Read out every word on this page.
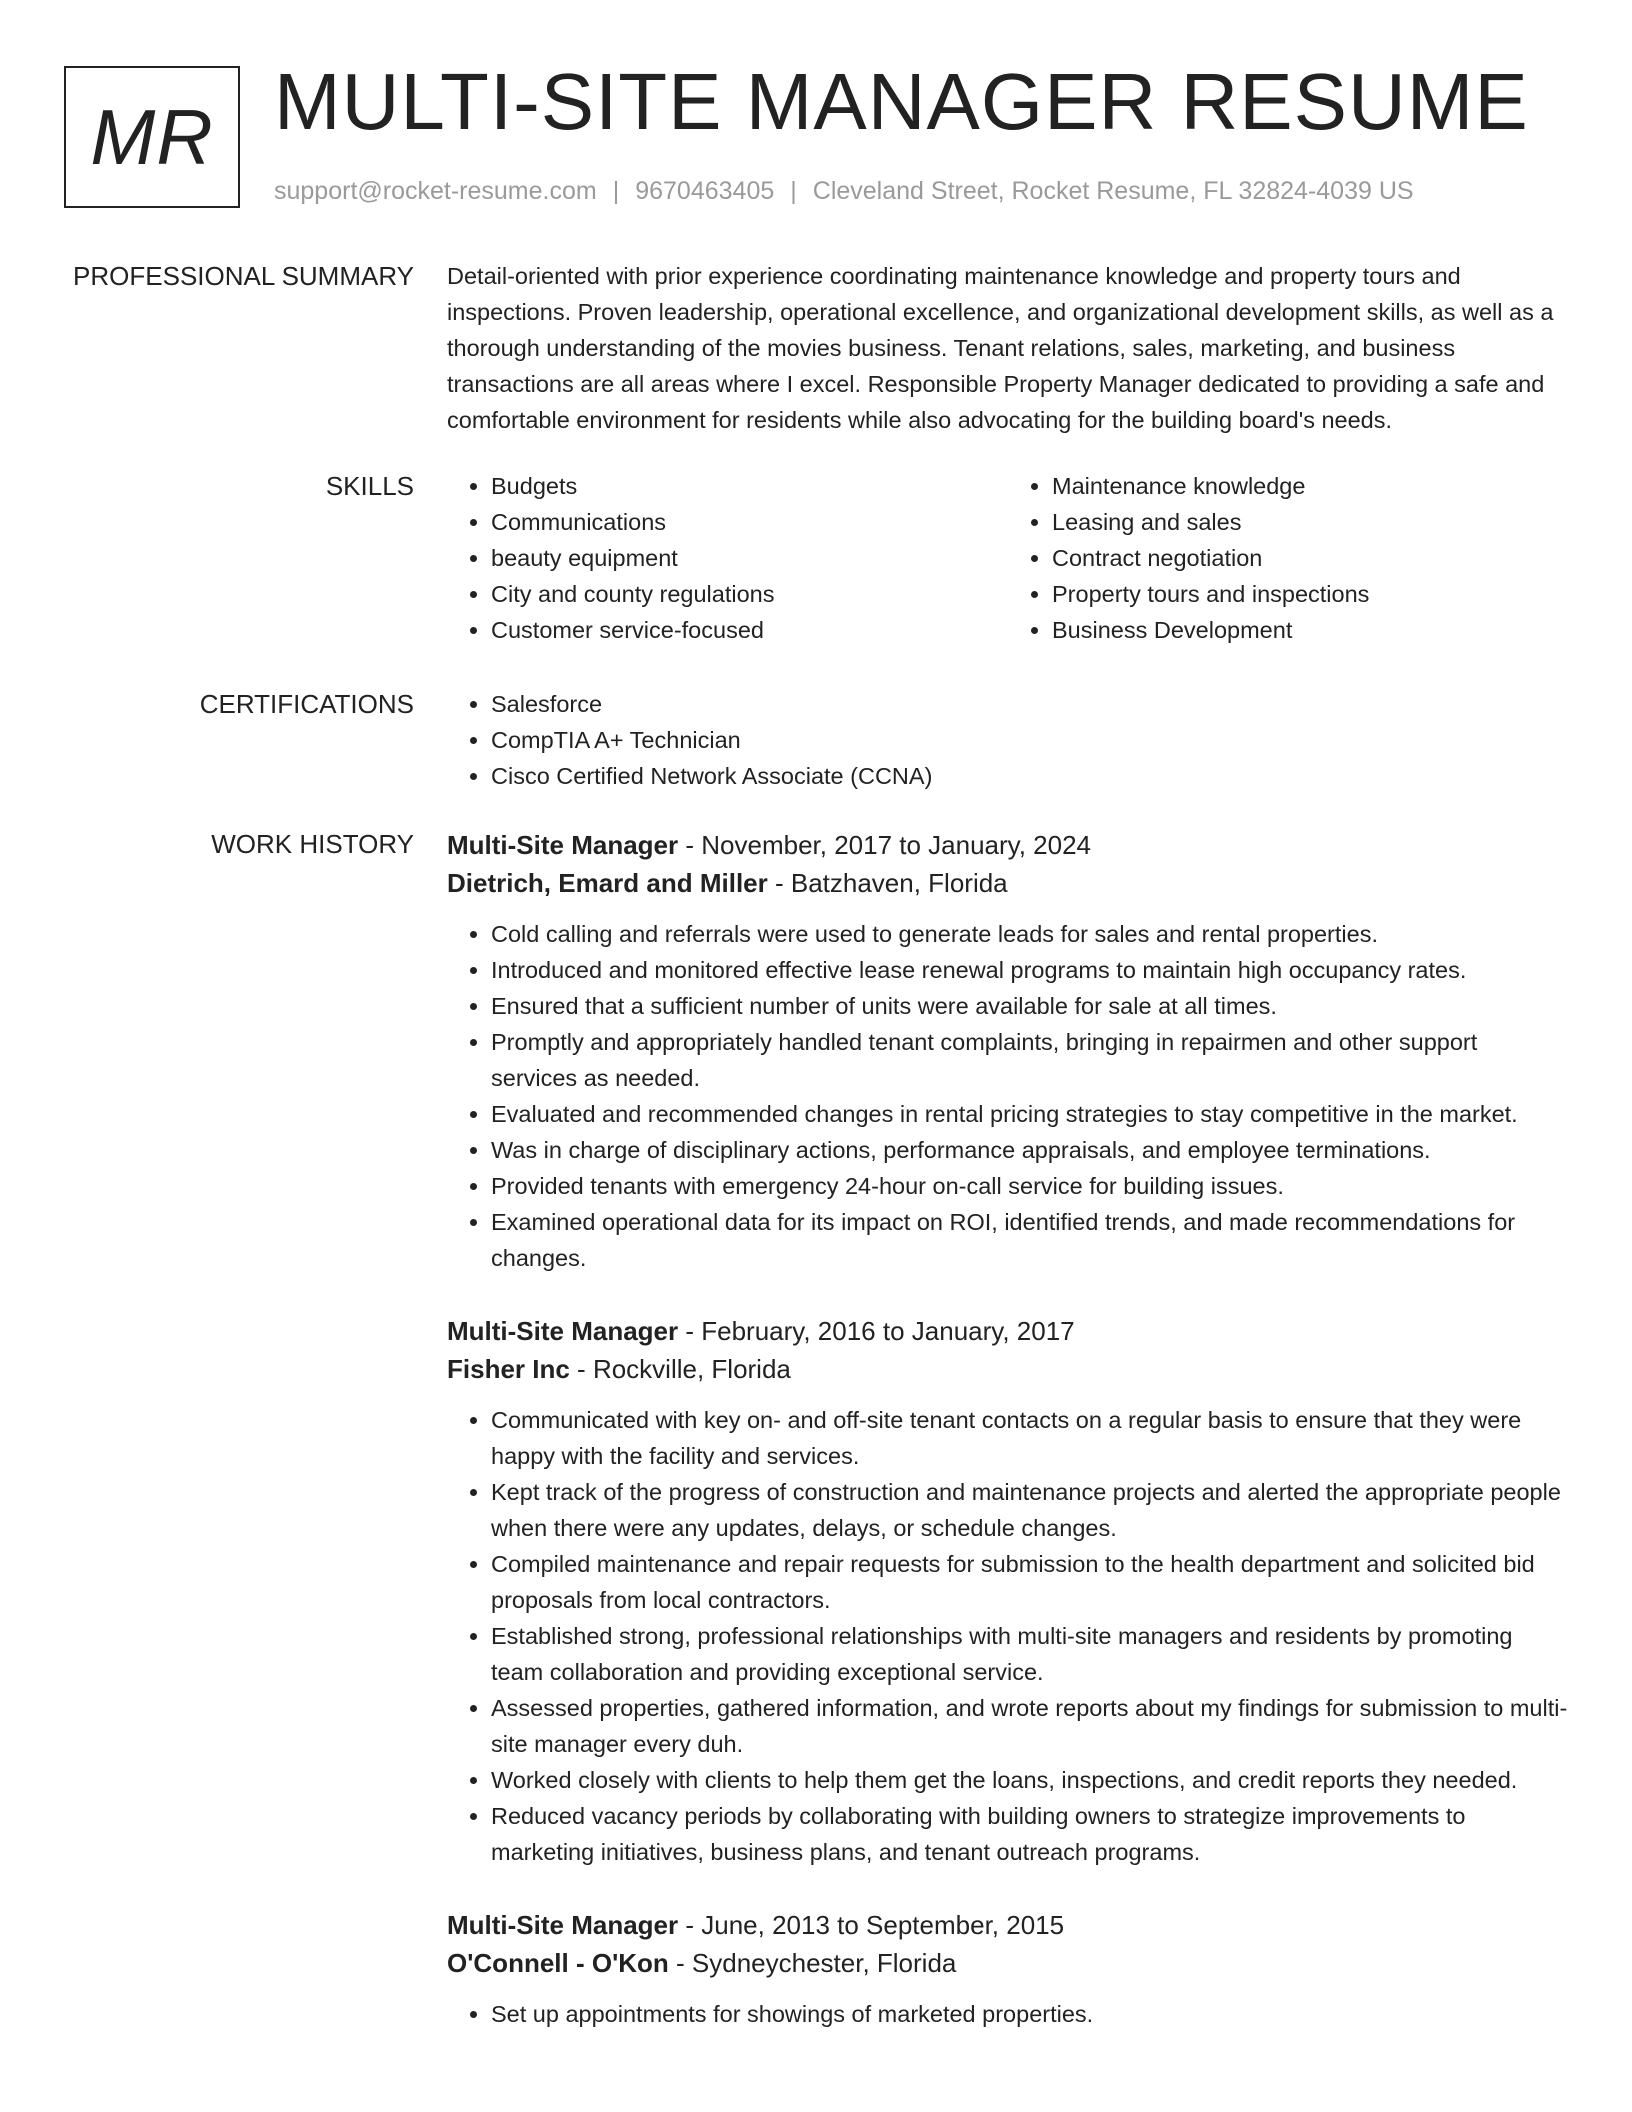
MR MULTI-SITE MANAGER RESUME
support@rocket-resume.com | 9670463405 | Cleveland Street, Rocket Resume, FL 32824-4039 US
PROFESSIONAL SUMMARY Detail-oriented with prior experience coordinating maintenance knowledge and property tours and inspections. Proven leadership, operational excellence, and organizational development skills, as well as a thorough understanding of the movies business. Tenant relations, sales, marketing, and business transactions are all areas where I excel. Responsible Property Manager dedicated to providing a safe and comfortable environment for residents while also advocating for the building board's needs.

SKILLS	• Budgets
• Communications
• beauty equipment
• City and county regulations
• Customer service-focused
• Maintenance knowledge
• Leasing and sales
• Contract negotiation
• Property tours and inspections
• Business Development
CERTIFICATIONS	• Salesforce
• CompTIA A+ Technician
• Cisco Certified Network Associate (CCNA)
WORK HISTORY Multi-Site Manager - November, 2017 to January, 2024
Dietrich, Emard and Miller - Batzhaven, Florida
• Cold calling and referrals were used to generate leads for sales and rental properties.
• Introduced and monitored effective lease renewal programs to maintain high occupancy rates.
• Ensured that a sufficient number of units were available for sale at all times.
• Promptly and appropriately handled tenant complaints, bringing in repairmen and other support services as needed.
• Evaluated and recommended changes in rental pricing strategies to stay competitive in the market.
• Was in charge of disciplinary actions, performance appraisals, and employee terminations.
• Provided tenants with emergency 24-hour on-call service for building issues.
• Examined operational data for its impact on ROI, identified trends, and made recommendations for changes.
Multi-Site Manager - February, 2016 to January, 2017
Fisher Inc - Rockville, Florida
• Communicated with key on- and off-site tenant contacts on a regular basis to ensure that they were happy with the facility and services.
• Kept track of the progress of construction and maintenance projects and alerted the appropriate people when there were any updates, delays, or schedule changes.
• Compiled maintenance and repair requests for submission to the health department and solicited bid proposals from local contractors.
• Established strong, professional relationships with multi-site managers and residents by promoting team collaboration and providing exceptional service.
• Assessed properties, gathered information, and wrote reports about my findings for submission to multi-site manager every duh.
• Worked closely with clients to help them get the loans, inspections, and credit reports they needed.
• Reduced vacancy periods by collaborating with building owners to strategize improvements to marketing initiatives, business plans, and tenant outreach programs.
Multi-Site Manager - June, 2013 to September, 2015
O'Connell - O'Kon - Sydneychester, Florida
• Set up appointments for showings of marketed properties.
